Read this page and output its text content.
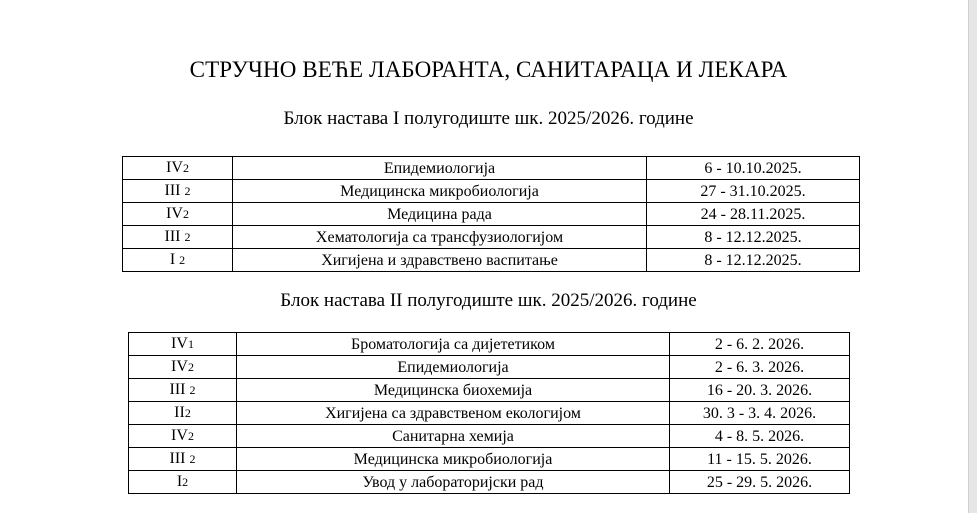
СТРУЧНО ВЕЋЕ ЛАБОРАНТА, САНИТАРАЦА И ЛЕКАРА
Блок настава I полугодиште шк. 2025/2026. године
IV2	Епидемиологија	6 - 10.10.2025.
III 2	Медицинска микробиологија	27 - 31.10.2025.
IV2	Медицина рада	24 - 28.11.2025.
III 2	Хематологија са трансфузиологијом	8 - 12.12.2025.
I 2	Хигијена и здравствено васпитање	8 - 12.12.2025.
Блок настава II полугодиште шк. 2025/2026. године
IV1	Броматологија са дијететиком	2 - 6. 2. 2026.
IV2	Епидемиологија	2 - 6. 3. 2026.
III 2	Медицинска биохемија	16 - 20. 3. 2026.
II2	Хигијена са здравственом екологијом	30. 3 - 3. 4. 2026.
IV2	Санитарна хемија	4 - 8. 5. 2026.
III 2	Медицинска микробиологија	11 - 15. 5. 2026.
I2	Увод у лабораторијски рад	25 - 29. 5. 2026.
